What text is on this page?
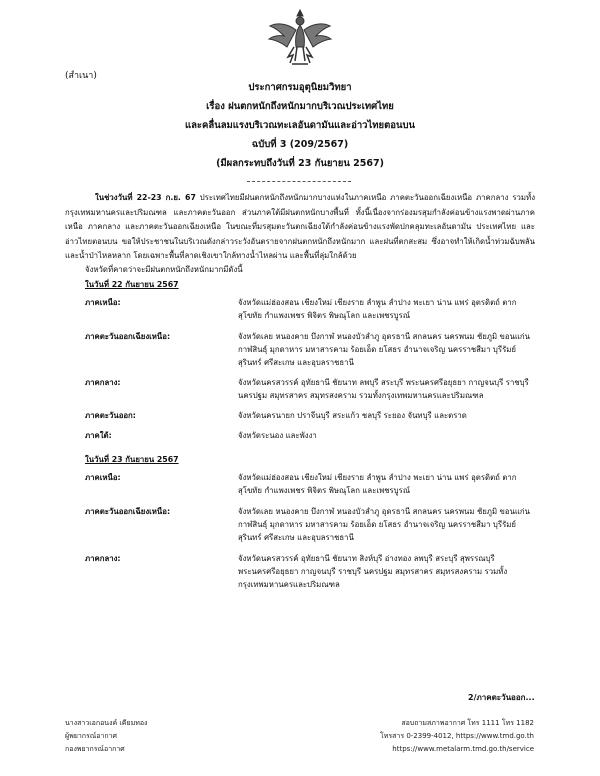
(สำเนา)
ประกาศกรมอุตุนิยมวิทยา
เรื่อง ฝนตกหนักถึงหนักมากบริเวณประเทศไทย
และคลื่นลมแรงบริเวณทะเลอันดามันและอ่าวไทยตอนบน
ฉบับที่ 3 (209/2567)
(มีผลกระทบถึงวันที่ 23 กันยายน 2567)
ในช่วงวันที่ 22-23 ก.ย. 67 ประเทศไทยมีฝนตกหนักถึงหนักมากบางแห่งในภาคเหนือ ภาคตะวันออกเฉียงเหนือ ภาคกลาง รวมทั้งกรุงเทพมหานครและปริมณฑล และภาคตะวันออก ส่วนภาคใต้มีฝนตกหนักบางพื้นที่ ทั้งนี้เนื่องจากร่องมรสุมกำลังค่อนข้างแรงพาดผ่านภาคเหนือ ภาคกลาง และภาคตะวันออกเฉียงเหนือ ในขณะที่มรสุมตะวันตกเฉียงใต้กำลังค่อนข้างแรงพัดปกคลุมทะเลอันดามัน ประเทศไทย และอ่าวไทยตอนบน ขอให้ประชาชนในบริเวณดังกล่าวระวังอันตรายจากฝนตกหนักถึงหนักมาก และฝนที่ตกสะสม ซึ่งอาจทำให้เกิดน้ำท่วมฉับพลันและน้ำป่าไหลหลาก โดยเฉพาะพื้นที่ลาดเชิงเขาใกล้ทางน้ำไหลผ่าน และพื้นที่ลุ่มใกล้ด้วย
จังหวัดที่คาดว่าจะมีฝนตกหนักถึงหนักมากมีดังนี้
ในวันที่ 22 กันยายน 2567
ภาคเหนือ:	จังหวัดแม่ฮ่องสอน เชียงใหม่ เชียงราย ลำพูน ลำปาง พะเยา น่าน แพร่ อุตรดิตถ์ ตาก สุโขทัย กำแพงเพชร พิจิตร พิษณุโลก และเพชรบูรณ์
ภาคตะวันออกเฉียงเหนือ:	จังหวัดเลย หนองคาย บึงกาฬ หนองบัวลำภู อุดรธานี สกลนคร นครพนม ชัยภูมิ ขอนแก่น กาฬสินธุ์ มุกดาหาร มหาสารคาม ร้อยเอ็ด ยโสธร อำนาจเจริญ นครราชสีมา บุรีรัมย์ สุรินทร์ ศรีสะเกษ และอุบลราชธานี
ภาคกลาง:	จังหวัดนครสวรรค์ อุทัยธานี ชัยนาท ลพบุรี สระบุรี พระนครศรีอยุธยา กาญจนบุรี ราชบุรี นครปฐม สมุทรสาคร สมุทรสงคราม รวมทั้งกรุงเทพมหานครและปริมณฑล
ภาคตะวันออก:	จังหวัดนครนายก ปราจีนบุรี สระแก้ว ชลบุรี ระยอง จันทบุรี และตราด
ภาคใต้:	จังหวัดระนอง และพังงา
ในวันที่ 23 กันยายน 2567
ภาคเหนือ:	จังหวัดแม่ฮ่องสอน เชียงใหม่ เชียงราย ลำพูน ลำปาง พะเยา น่าน แพร่ อุตรดิตถ์ ตาก สุโขทัย กำแพงเพชร พิจิตร พิษณุโลก และเพชรบูรณ์
ภาคตะวันออกเฉียงเหนือ:	จังหวัดเลย หนองคาย บึงกาฬ หนองบัวลำภู อุดรธานี สกลนคร นครพนม ชัยภูมิ ขอนแก่น กาฬสินธุ์ มุกดาหาร มหาสารคาม ร้อยเอ็ด ยโสธร อำนาจเจริญ นครราชสีมา บุรีรัมย์ สุรินทร์ ศรีสะเกษ และอุบลราชธานี
ภาคกลาง:	จังหวัดนครสวรรค์ อุทัยธานี ชัยนาท สิงห์บุรี อ่างทอง ลพบุรี สระบุรี สุพรรณบุรี พระนครศรีอยุธยา กาญจนบุรี ราชบุรี นครปฐม สมุทรสาคร สมุทรสงคราม รวมทั้งกรุงเทพมหานครและปริมณฑล
2/ภาคตะวันออก...
นางสาวเอกอนงค์ เคียมทอง
ผู้พยากรณ์อากาศ
กองพยากรณ์อากาศ
สอบถามสภาพอากาศ โทร 1111 โทร 1182
โทรสาร 0-2399-4012, https://www.tmd.go.th
https://www.metalarm.tmd.go.th/service
